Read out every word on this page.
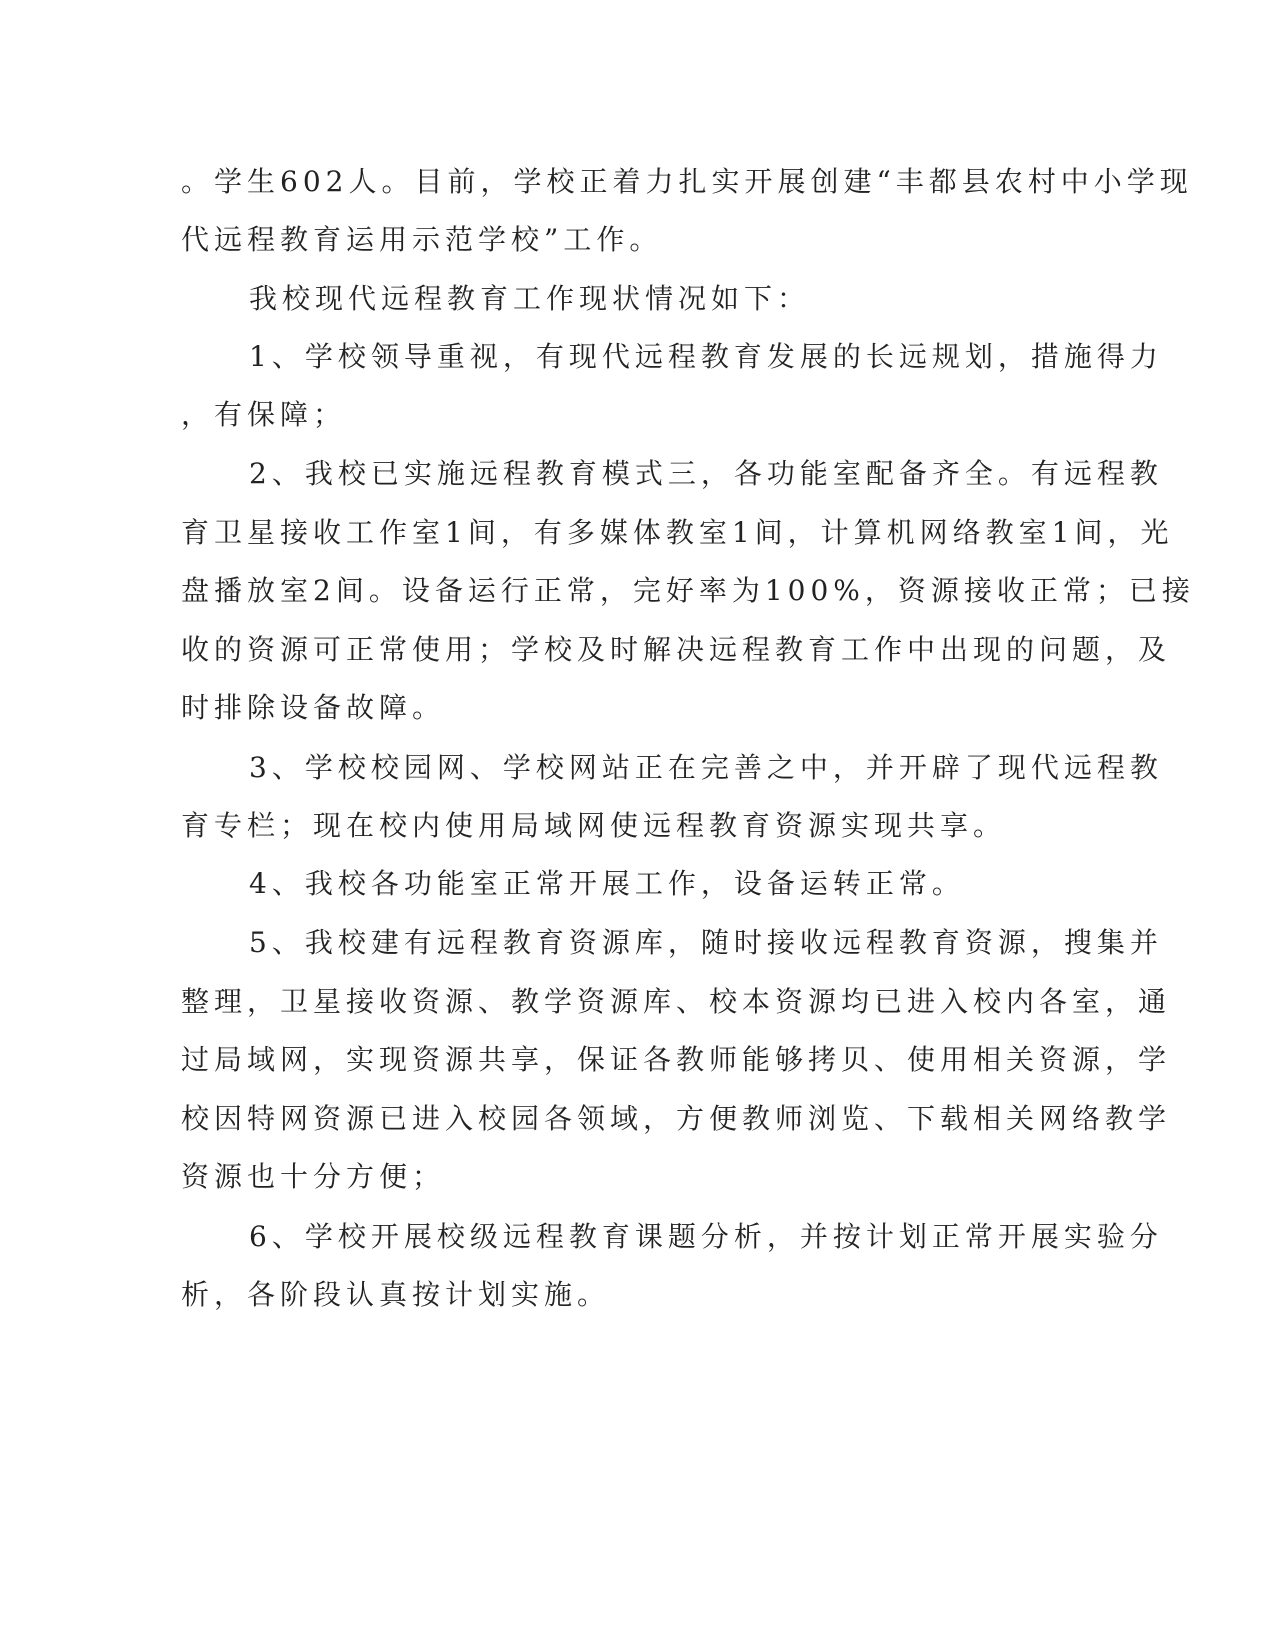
。学生602人。目前，学校正着力扎实开展创建“丰都县农村中小学现

代远程教育运用示范学校”工作。

我校现代远程教育工作现状情况如下：

1、学校领导重视，有现代远程教育发展的长远规划，措施得力

，有保障；

2、我校已实施远程教育模式三，各功能室配备齐全。有远程教

育卫星接收工作室1间，有多媒体教室1间，计算机网络教室1间，光

盘播放室2间。设备运行正常，完好率为100%，资源接收正常；已接

收的资源可正常使用；学校及时解决远程教育工作中出现的问题，及

时排除设备故障。

3、学校校园网、学校网站正在完善之中，并开辟了现代远程教

育专栏；现在校内使用局域网使远程教育资源实现共享。

4、我校各功能室正常开展工作，设备运转正常。

5、我校建有远程教育资源库，随时接收远程教育资源，搜集并

整理，卫星接收资源、教学资源库、校本资源均已进入校内各室，通

过局域网，实现资源共享，保证各教师能够拷贝、使用相关资源，学

校因特网资源已进入校园各领域，方便教师浏览、下载相关网络教学

资源也十分方便；

6、学校开展校级远程教育课题分析，并按计划正常开展实验分

析，各阶段认真按计划实施。
